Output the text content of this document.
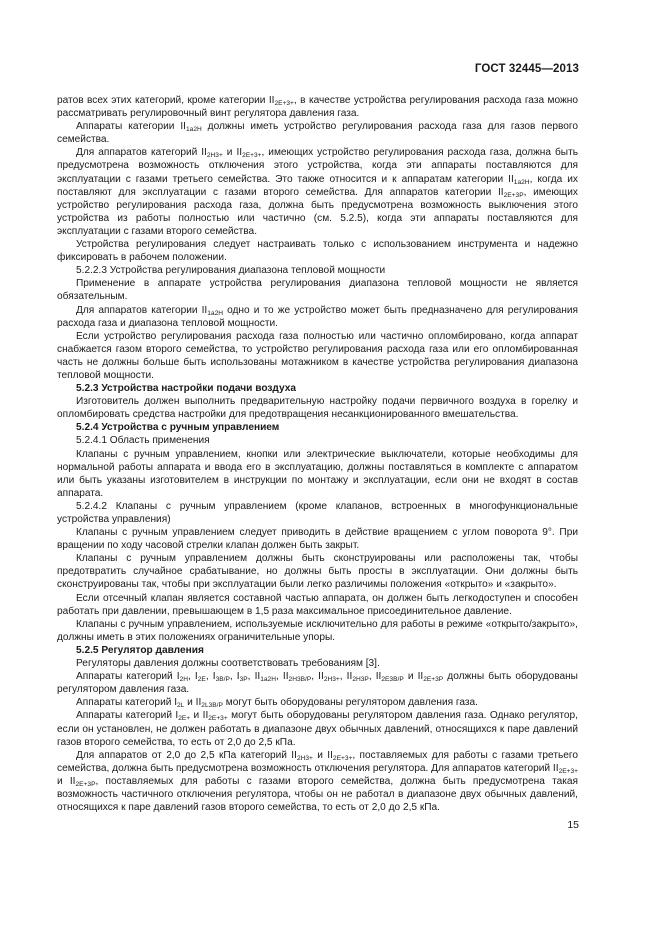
ГОСТ 32445—2013

ратов всех этих категорий, кроме категории $II_{2E+3+}$, в качестве устройства регулирования расхода газа можно рассматривать регулировочный винт регулятора давления газа.

Аппараты категории $II_{1a2H}$ должны иметь устройство регулирования расхода газа для газов первого семейства.

Для аппаратов категорий $II_{2H3+}$ и $II_{2E+3+}$, имеющих устройство регулирования расхода газа, должна быть предусмотрена возможность отключения этого устройства, когда эти аппараты поставляются для эксплуатации с газами третьего семейства. Это также относится и к аппаратам категории $II_{1a2H}$, когда их поставляют для эксплуатации с газами второго семейства. Для аппаратов категории $II_{2E+3P}$, имеющих устройство регулирования расхода газа, должна быть предусмотрена возможность выключения этого устройства из работы полностью или частично (см. 5.2.5), когда эти аппараты поставляются для эксплуатации с газами второго семейства.

Устройства регулирования следует настраивать только с использованием инструмента и надежно фиксировать в рабочем положении.

5.2.2.3 Устройства регулирования диапазона тепловой мощности

Применение в аппарате устройства регулирования диапазона тепловой мощности не является обязательным.

Для аппаратов категории $II_{1a2H}$ одно и то же устройство может быть предназначено для регулирования расхода газа и диапазона тепловой мощности.

Если устройство регулирования расхода газа полностью или частично опломбировано, когда аппарат снабжается газом второго семейства, то устройство регулирования расхода газа или его опломбированная часть не должны больше быть использованы мотажником в качестве устройства регулирования диапазона тепловой мощности.

5.2.3 Устройства настройки подачи воздуха

Изготовитель должен выполнить предварительную настройку подачи первичного воздуха в горелку и опломбировать средства настройки для предотвращения несанкционированного вмешательства.

5.2.4 Устройства с ручным управлением

5.2.4.1 Область применения

Клапаны с ручным управлением, кнопки или электрические выключатели, которые необходимы для нормальной работы аппарата и ввода его в эксплуатацию, должны поставляться в комплекте с аппаратом или быть указаны изготовителем в инструкции по монтажу и эксплуатации, если они не входят в состав аппарата.

5.2.4.2 Клапаны с ручным управлением (кроме клапанов, встроенных в многофункциональные устройства управления)

Клапаны с ручным управлением следует приводить в действие вращением с углом поворота 9°. При вращении по ходу часовой стрелки клапан должен быть закрыт.

Клапаны с ручным управлением должны быть сконструированы или расположены так, чтобы предотвратить случайное срабатывание, но должны быть просты в эксплуатации. Они должны быть сконструированы так, чтобы при эксплуатации были легко различимы положения «открыто» и «закрыто».

Если отсечный клапан является составной частью аппарата, он должен быть легкодоступен и способен работать при давлении, превышающем в 1,5 раза максимальное присоединительное давление.

Клапаны с ручным управлением, используемые исключительно для работы в режиме «открыто/закрыто», должны иметь в этих положениях ограничительные упоры.

5.2.5 Регулятор давления

Регуляторы давления должны соответствовать требованиям [3].

Аппараты категорий $I_{2H}$, $I_{2E}$, $I_{3B/P}$, $I_{3P}$, $II_{1a2H}$, $II_{2H3B/P}$, $II_{2H3+}$, $II_{2H3P}$, $II_{2E3B/P}$ и $II_{2E+3P}$ должны быть оборудованы регулятором давления газа.

Аппараты категорий $I_{2L}$ и $II_{2L3B/P}$ могут быть оборудованы регулятором давления газа.

Аппараты категорий $I_{2E+}$ и $II_{2E+3+}$ могут быть оборудованы регулятором давления газа. Однако регулятор, если он установлен, не должен работать в диапазоне двух обычных давлений, относящихся к паре давлений газов второго семейства, то есть от 2,0 до 2,5 кПа.

Для аппаратов от 2,0 до 2,5 кПа категорий $II_{2H3+}$ и $II_{2E+3+}$, поставляемых для работы с газами третьего семейства, должна быть предусмотрена возможность отключения регулятора. Для аппаратов категорий $II_{2E+3+}$ и $II_{2E+3P}$, поставляемых для работы с газами второго семейства, должна быть предусмотрена такая возможность частичного отключения регулятора, чтобы он не работал в диапазоне двух обычных давлений, относящихся к паре давлений газов второго семейства, то есть от 2,0 до 2,5 кПа.

15
